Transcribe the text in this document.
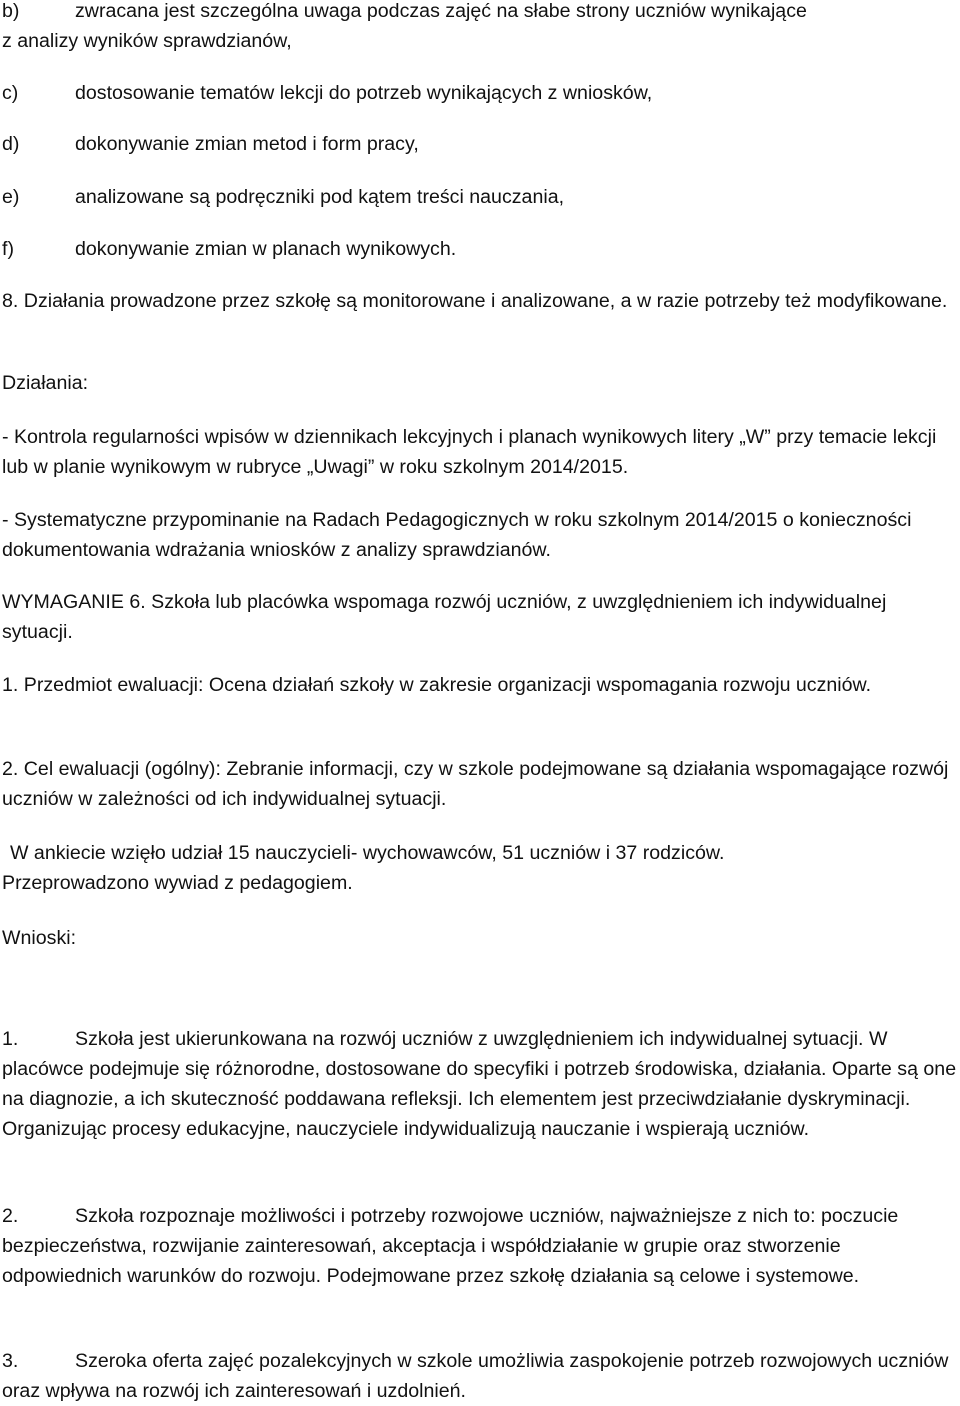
b)	zwracana jest szczególna uwaga podczas zajęć na słabe strony uczniów wynikające
z analizy wyników sprawdzianów,
c)	dostosowanie tematów lekcji do potrzeb wynikających z wniosków,
d)	dokonywanie zmian metod i form pracy,
e)	analizowane są podręczniki pod kątem treści nauczania,
f)	dokonywanie zmian w planach wynikowych.

8. Działania prowadzone przez szkołę są monitorowane i analizowane, a w razie potrzeby też modyfikowane.

Działania:

- Kontrola regularności wpisów w dziennikach lekcyjnych i planach wynikowych litery „W” przy temacie lekcji lub w planie wynikowym w rubryce „Uwagi” w roku szkolnym 2014/2015.

- Systematyczne przypominanie na Radach Pedagogicznych w roku szkolnym 2014/2015 o konieczności dokumentowania wdrażania wniosków z analizy sprawdzianów.

WYMAGANIE 6. Szkoła lub placówka wspomaga rozwój uczniów, z uwzględnieniem ich indywidualnej sytuacji.

1. Przedmiot ewaluacji: Ocena działań szkoły w zakresie organizacji wspomagania rozwoju uczniów.

2. Cel ewaluacji (ogólny): Zebranie informacji, czy w szkole podejmowane są działania wspomagające rozwój uczniów w zależności od ich indywidualnej sytuacji.

W ankiecie wzięło udział 15 nauczycieli- wychowawców, 51 uczniów i 37 rodziców.
Przeprowadzono wywiad z pedagogiem.
Wnioski:

1.	Szkoła jest ukierunkowana na rozwój uczniów z uwzględnieniem ich indywidualnej sytuacji. W placówce podejmuje się różnorodne, dostosowane do specyfiki i potrzeb środowiska, działania. Oparte są one na diagnozie, a ich skuteczność poddawana refleksji. Ich elementem jest przeciwdziałanie dyskryminacji. Organizując procesy edukacyjne, nauczyciele indywidualizują nauczanie i wspierają uczniów.

2.	Szkoła rozpoznaje możliwości i potrzeby rozwojowe uczniów, najważniejsze z nich to: poczucie bezpieczeństwa, rozwijanie zainteresowań, akceptacja i współdziałanie w grupie oraz stworzenie odpowiednich warunków do rozwoju. Podejmowane przez szkołę działania są celowe i systemowe.

3.	Szeroka oferta zajęć pozalekcyjnych w szkole umożliwia zaspokojenie potrzeb rozwojowych uczniów oraz wpływa na rozwój ich zainteresowań i uzdolnień.
